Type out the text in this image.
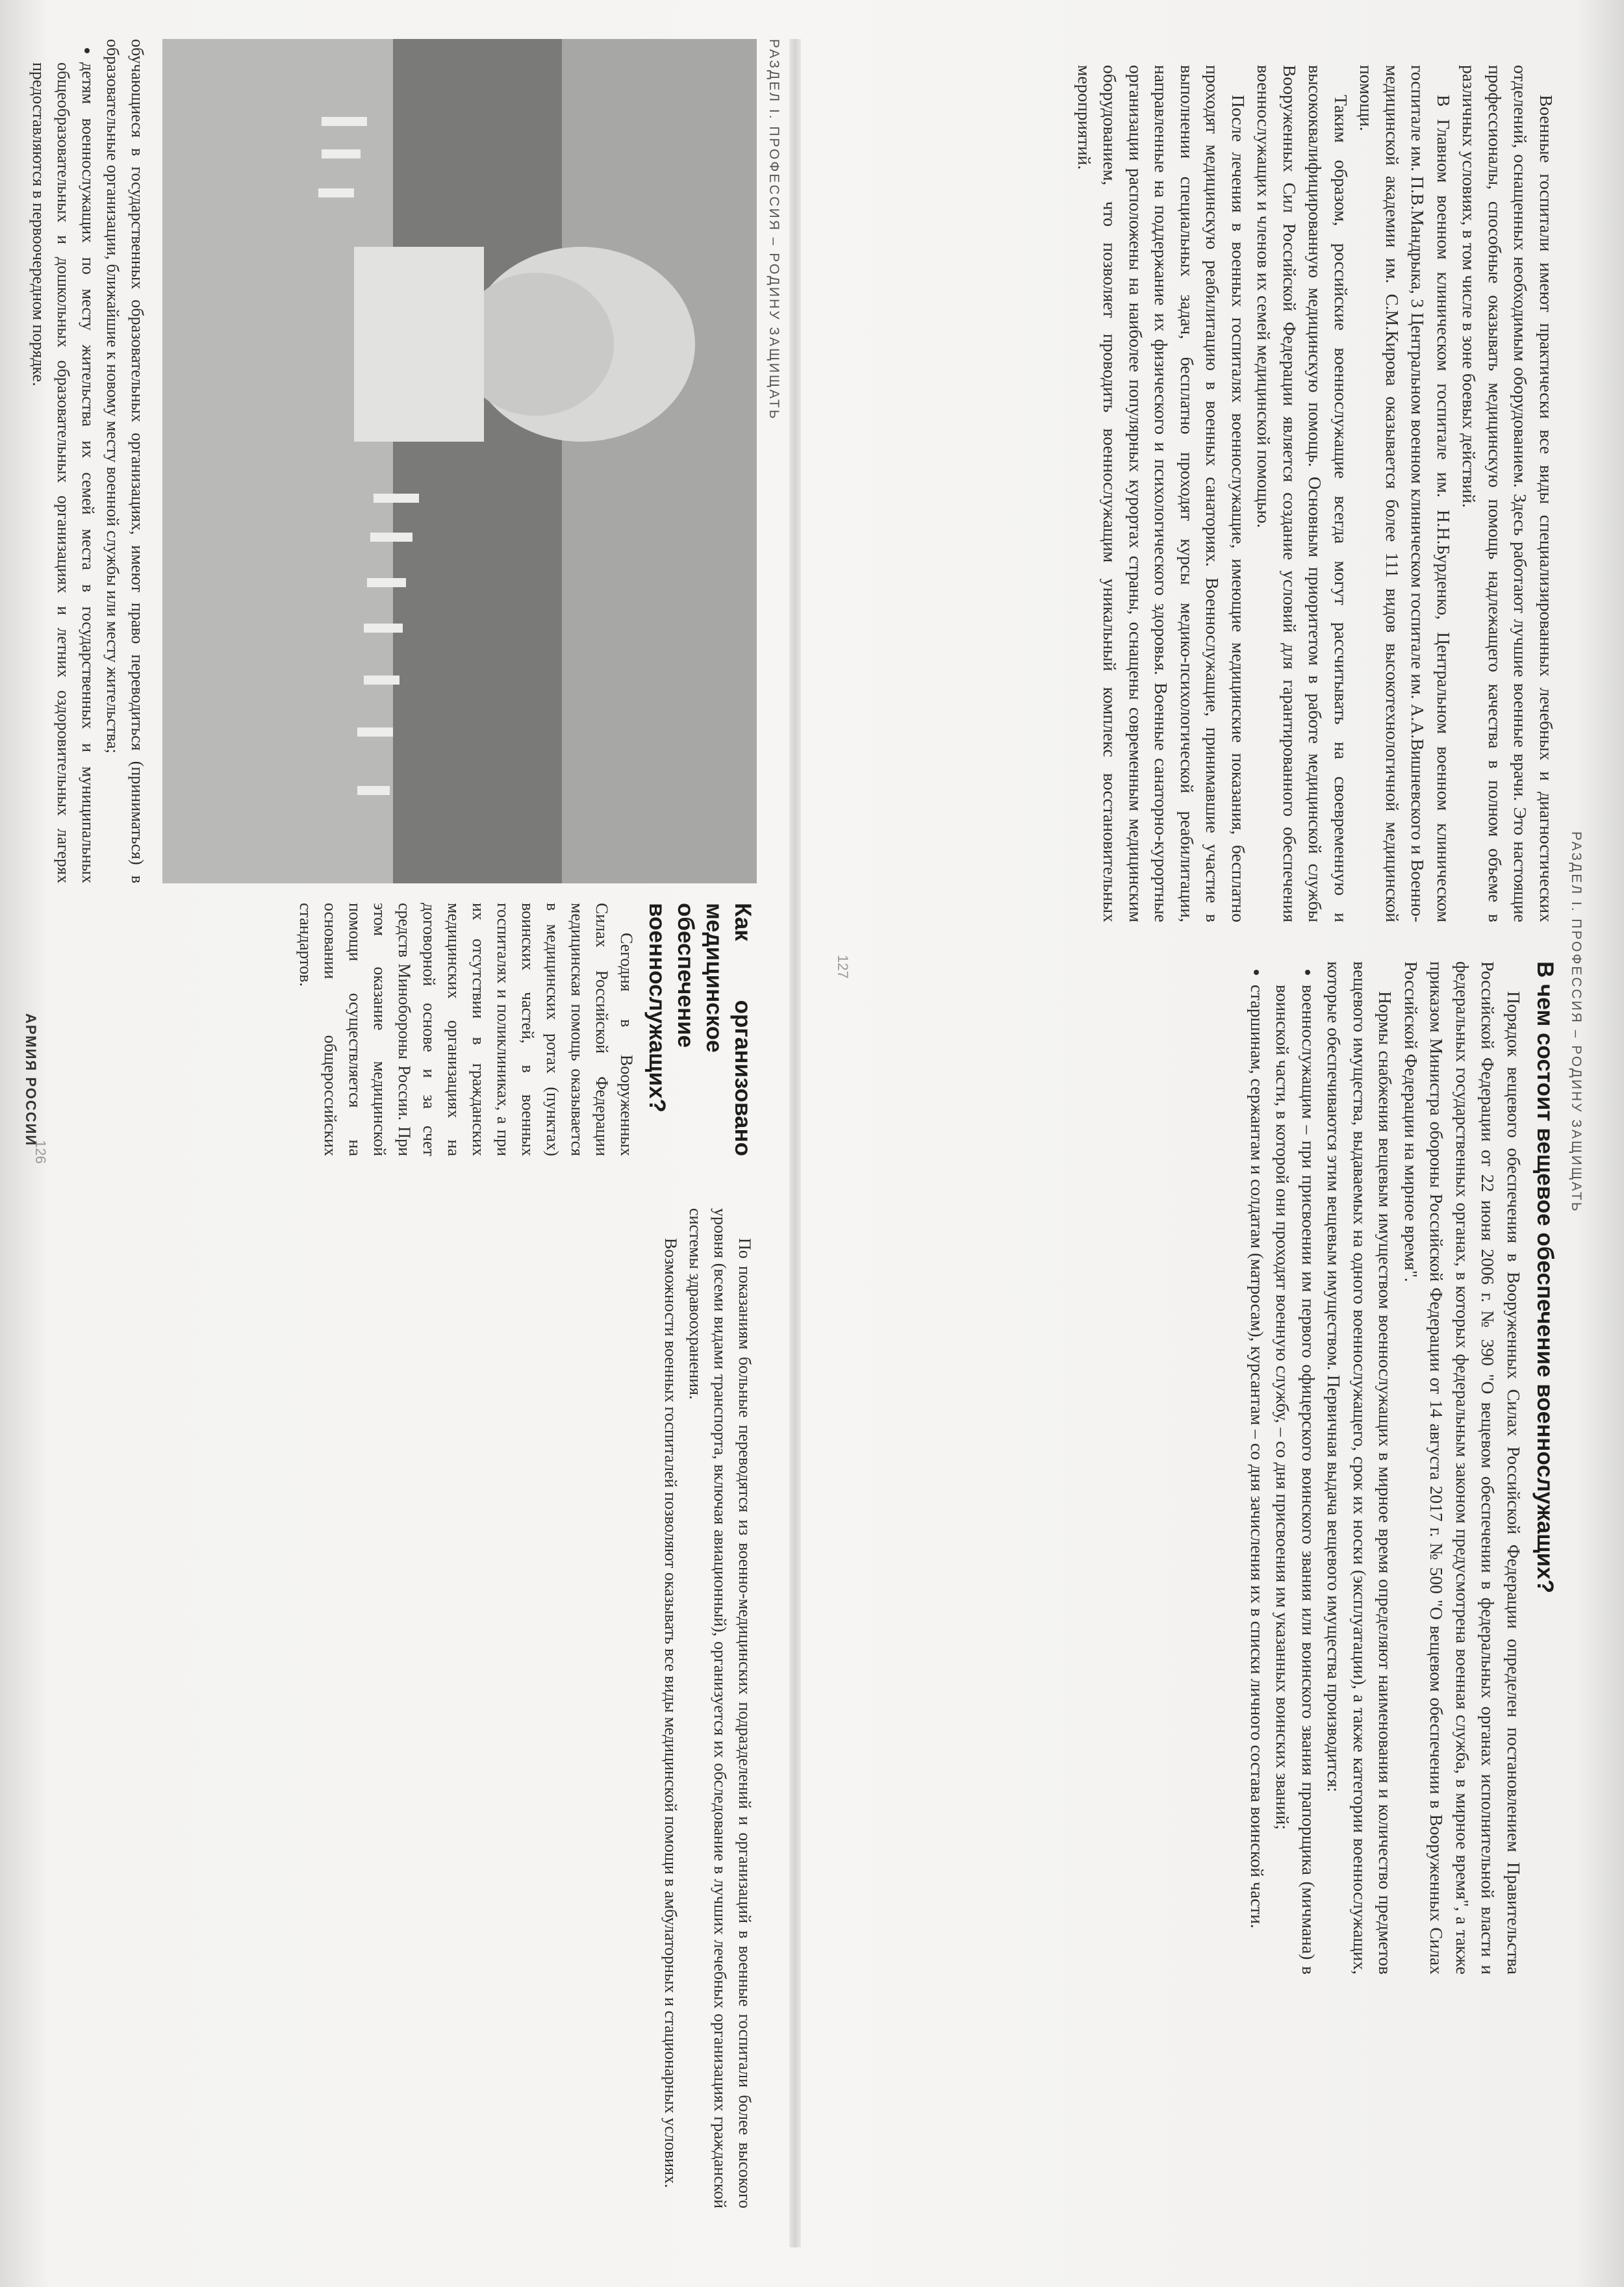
РАЗДЕЛ I. ПРОФЕССИЯ – РОДИНУ ЗАЩИЩАТЬ

обучающиеся в государственных образовательных организациях, имеют право переводиться (приниматься) в образовательные организации, ближайшие к новому месту военной службы или месту жительства;

• детям военнослужащих по месту жительства их семей места в государственных и муниципальных общеобразовательных и дошкольных образовательных организациях и летних оздоровительных лагерях предоставляются в первоочередном порядке.
Как организовано медицинское обеспечение военнослужащих?

Сегодня в Вооруженных Силах Российской Федерации медицинская помощь оказывается в медицинских ротах (пунктах) воинских частей, в военных госпиталях и поликлиниках, а при их отсутствии в гражданских медицинских организациях на договорной основе и за счет средств Минобороны России. При этом оказание медицинской помощи осуществляется на основании общероссийских стандартов.

126
АРМИЯ РОССИИ

По показаниям больные переводятся из военно-медицинских подразделений и организаций в военные госпитали более высокого уровня (всеми видами транспорта, включая авиационный), организуется их обследование в лучших лечебных организациях гражданской системы здравоохранения.

Возможности военных госпиталей позволяют оказывать все виды медицинской помощи в амбулаторных и стационарных условиях.

РАЗДЕЛ I. ПРОФЕССИЯ – РОДИНУ ЗАЩИЩАТЬ

Военные госпитали имеют практически все виды специализированных лечебных и диагностических отделений, оснащенных необходимым оборудованием. Здесь работают лучшие военные врачи. Это настоящие профессионалы, способные оказывать медицинскую помощь надлежащего качества в полном объеме в различных условиях, в том числе в зоне боевых действий.

В Главном военном клиническом госпитале им. Н.Н.Бурденко, Центральном военном клиническом госпитале им. П.В.Мандрыка, 3 Центральном военном клиническом госпитале им. А.А.Вишневского и Военно-медицинской академии им. С.М.Кирова оказывается более 111 видов высокотехнологичной медицинской помощи.

Таким образом, российские военнослужащие всегда могут рассчитывать на своевременную и высококвалифицированную медицинскую помощь. Основным приоритетом в работе медицинской службы Вооруженных Сил Российской Федерации является создание условий для гарантированного обеспечения военнослужащих и членов их семей медицинской помощью.

После лечения в военных госпиталях военнослужащие, имеющие медицинские показания, бесплатно проходят медицинскую реабилитацию в военных санаториях. Военнослужащие, принимавшие участие в выполнении специальных задач, бесплатно проходят курсы медико-психологической реабилитации, направленные на поддержание их физического и психологического здоровья. Военные санаторно-курортные организации расположены на наиболее популярных курортах страны, оснащены современным медицинским оборудованием, что позволяет проводить военнослужащим уникальный комплекс восстановительных мероприятий.

В чем состоит вещевое обеспечение военнослужащих?

Порядок вещевого обеспечения в Вооруженных Силах Российской Федерации определен постановлением Правительства Российской Федерации от 22 июня 2006 г. № 390 "О вещевом обеспечении в федеральных органах исполнительной власти и федеральных государственных органах, в которых федеральным законом предусмотрена военная служба, в мирное время", а также приказом Министра обороны Российской Федерации от 14 августа 2017 г. № 500 "О вещевом обеспечении в Вооруженных Силах Российской Федерации на мирное время".

Нормы снабжения вещевым имуществом военнослужащих в мирное время определяют наименования и количество предметов вещевого имущества, выдаваемых на одного военнослужащего, срок их носки (эксплуатации), а также категории военнослужащих, которые обеспечиваются этим вещевым имуществом. Первичная выдача вещевого имущества производится:

• военнослужащим – при присвоении им первого офицерского воинского звания или воинского звания прапорщика (мичмана) в воинской части, в которой они проходят военную службу, – со дня присвоения им указанных воинских званий;
• старшинам, сержантам и солдатам (матросам), курсантам – со дня зачисления их в списки личного состава воинской части.
127
